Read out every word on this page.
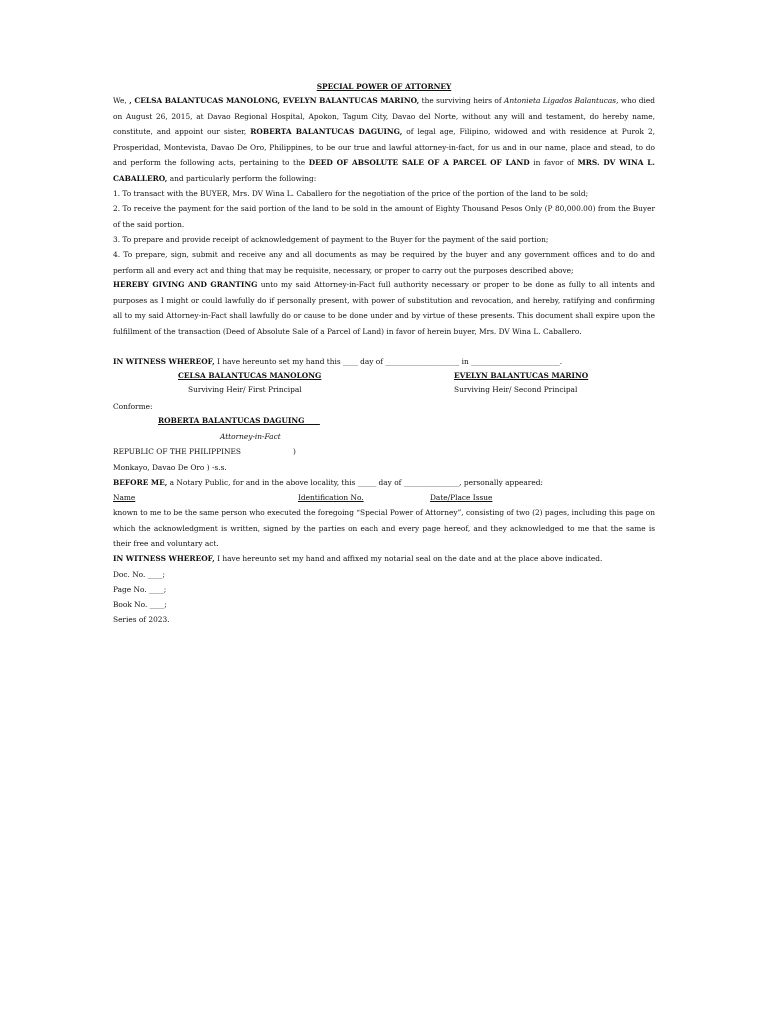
SPECIAL POWER OF ATTORNEY
We, , CELSA BALANTUCAS MANOLONG, EVELYN BALANTUCAS MARINO, the surviving heirs of Antonieta Ligados Balantucas, who died on August 26, 2015, at Davao Regional Hospital, Apokon, Tagum City, Davao del Norte, without any will and testament, do hereby name, constitute, and appoint our sister, ROBERTA BALANTUCAS DAGUING, of legal age, Filipino, widowed and with residence at Purok 2, Prosperidad, Montevista, Davao De Oro, Philippines, to be our true and lawful attorney-in-fact, for us and in our name, place and stead, to do and perform the following acts, pertaining to the DEED OF ABSOLUTE SALE OF A PARCEL OF LAND in favor of MRS. DV WINA L. CABALLERO, and particularly perform the following:
1. To transact with the BUYER, Mrs. DV Wina L. Caballero for the negotiation of the price of the portion of the land to be sold;
2. To receive the payment for the said portion of the land to be sold in the amount of Eighty Thousand Pesos Only (P 80,000.00) from the Buyer of the said portion.
3. To prepare and provide receipt of acknowledgement of payment to the Buyer for the payment of the said portion;
4. To prepare, sign, submit and receive any and all documents as may be required by the buyer and any government offices and to do and perform all and every act and thing that may be requisite, necessary, or proper to carry out the purposes described above;
HEREBY GIVING AND GRANTING unto my said Attorney-in-Fact full authority necessary or proper to be done as fully to all intents and purposes as I might or could lawfully do if personally present, with power of substitution and revocation, and hereby, ratifying and confirming all to my said Attorney-in-Fact shall lawfully do or cause to be done under and by virtue of these presents. This document shall expire upon the fulfillment of the transaction (Deed of Absolute Sale of a Parcel of Land) in favor of herein buyer, Mrs. DV Wina L. Caballero.
IN WITNESS WHEREOF, I have hereunto set my hand this ____ day of ____________________ in ________________________.
CELSA BALANTUCAS MANOLONG
Surviving Heir/ First Principal
EVELYN BALANTUCAS MARINO
Surviving Heir/ Second Principal
Conforme:
ROBERTA BALANTUCAS DAGUING
Attorney-in-Fact
REPUBLIC OF THE PHILIPPINES	)
Monkayo, Davao De Oro ) -s.s.
BEFORE ME, a Notary Public, for and in the above locality, this _____ day of _______________, personally appeared:
Name	Identification No.	Date/Place Issue
known to me to be the same person who executed the foregoing “Special Power of Attorney”, consisting of two (2) pages, including this page on which the acknowledgment is written, signed by the parties on each and every page hereof, and they acknowledged to me that the same is their free and voluntary act.
IN WITNESS WHEREOF, I have hereunto set my hand and affixed my notarial seal on the date and at the place above indicated.
Doc. No. ____;
Page No. ____;
Book No. ____;
Series of 2023.
